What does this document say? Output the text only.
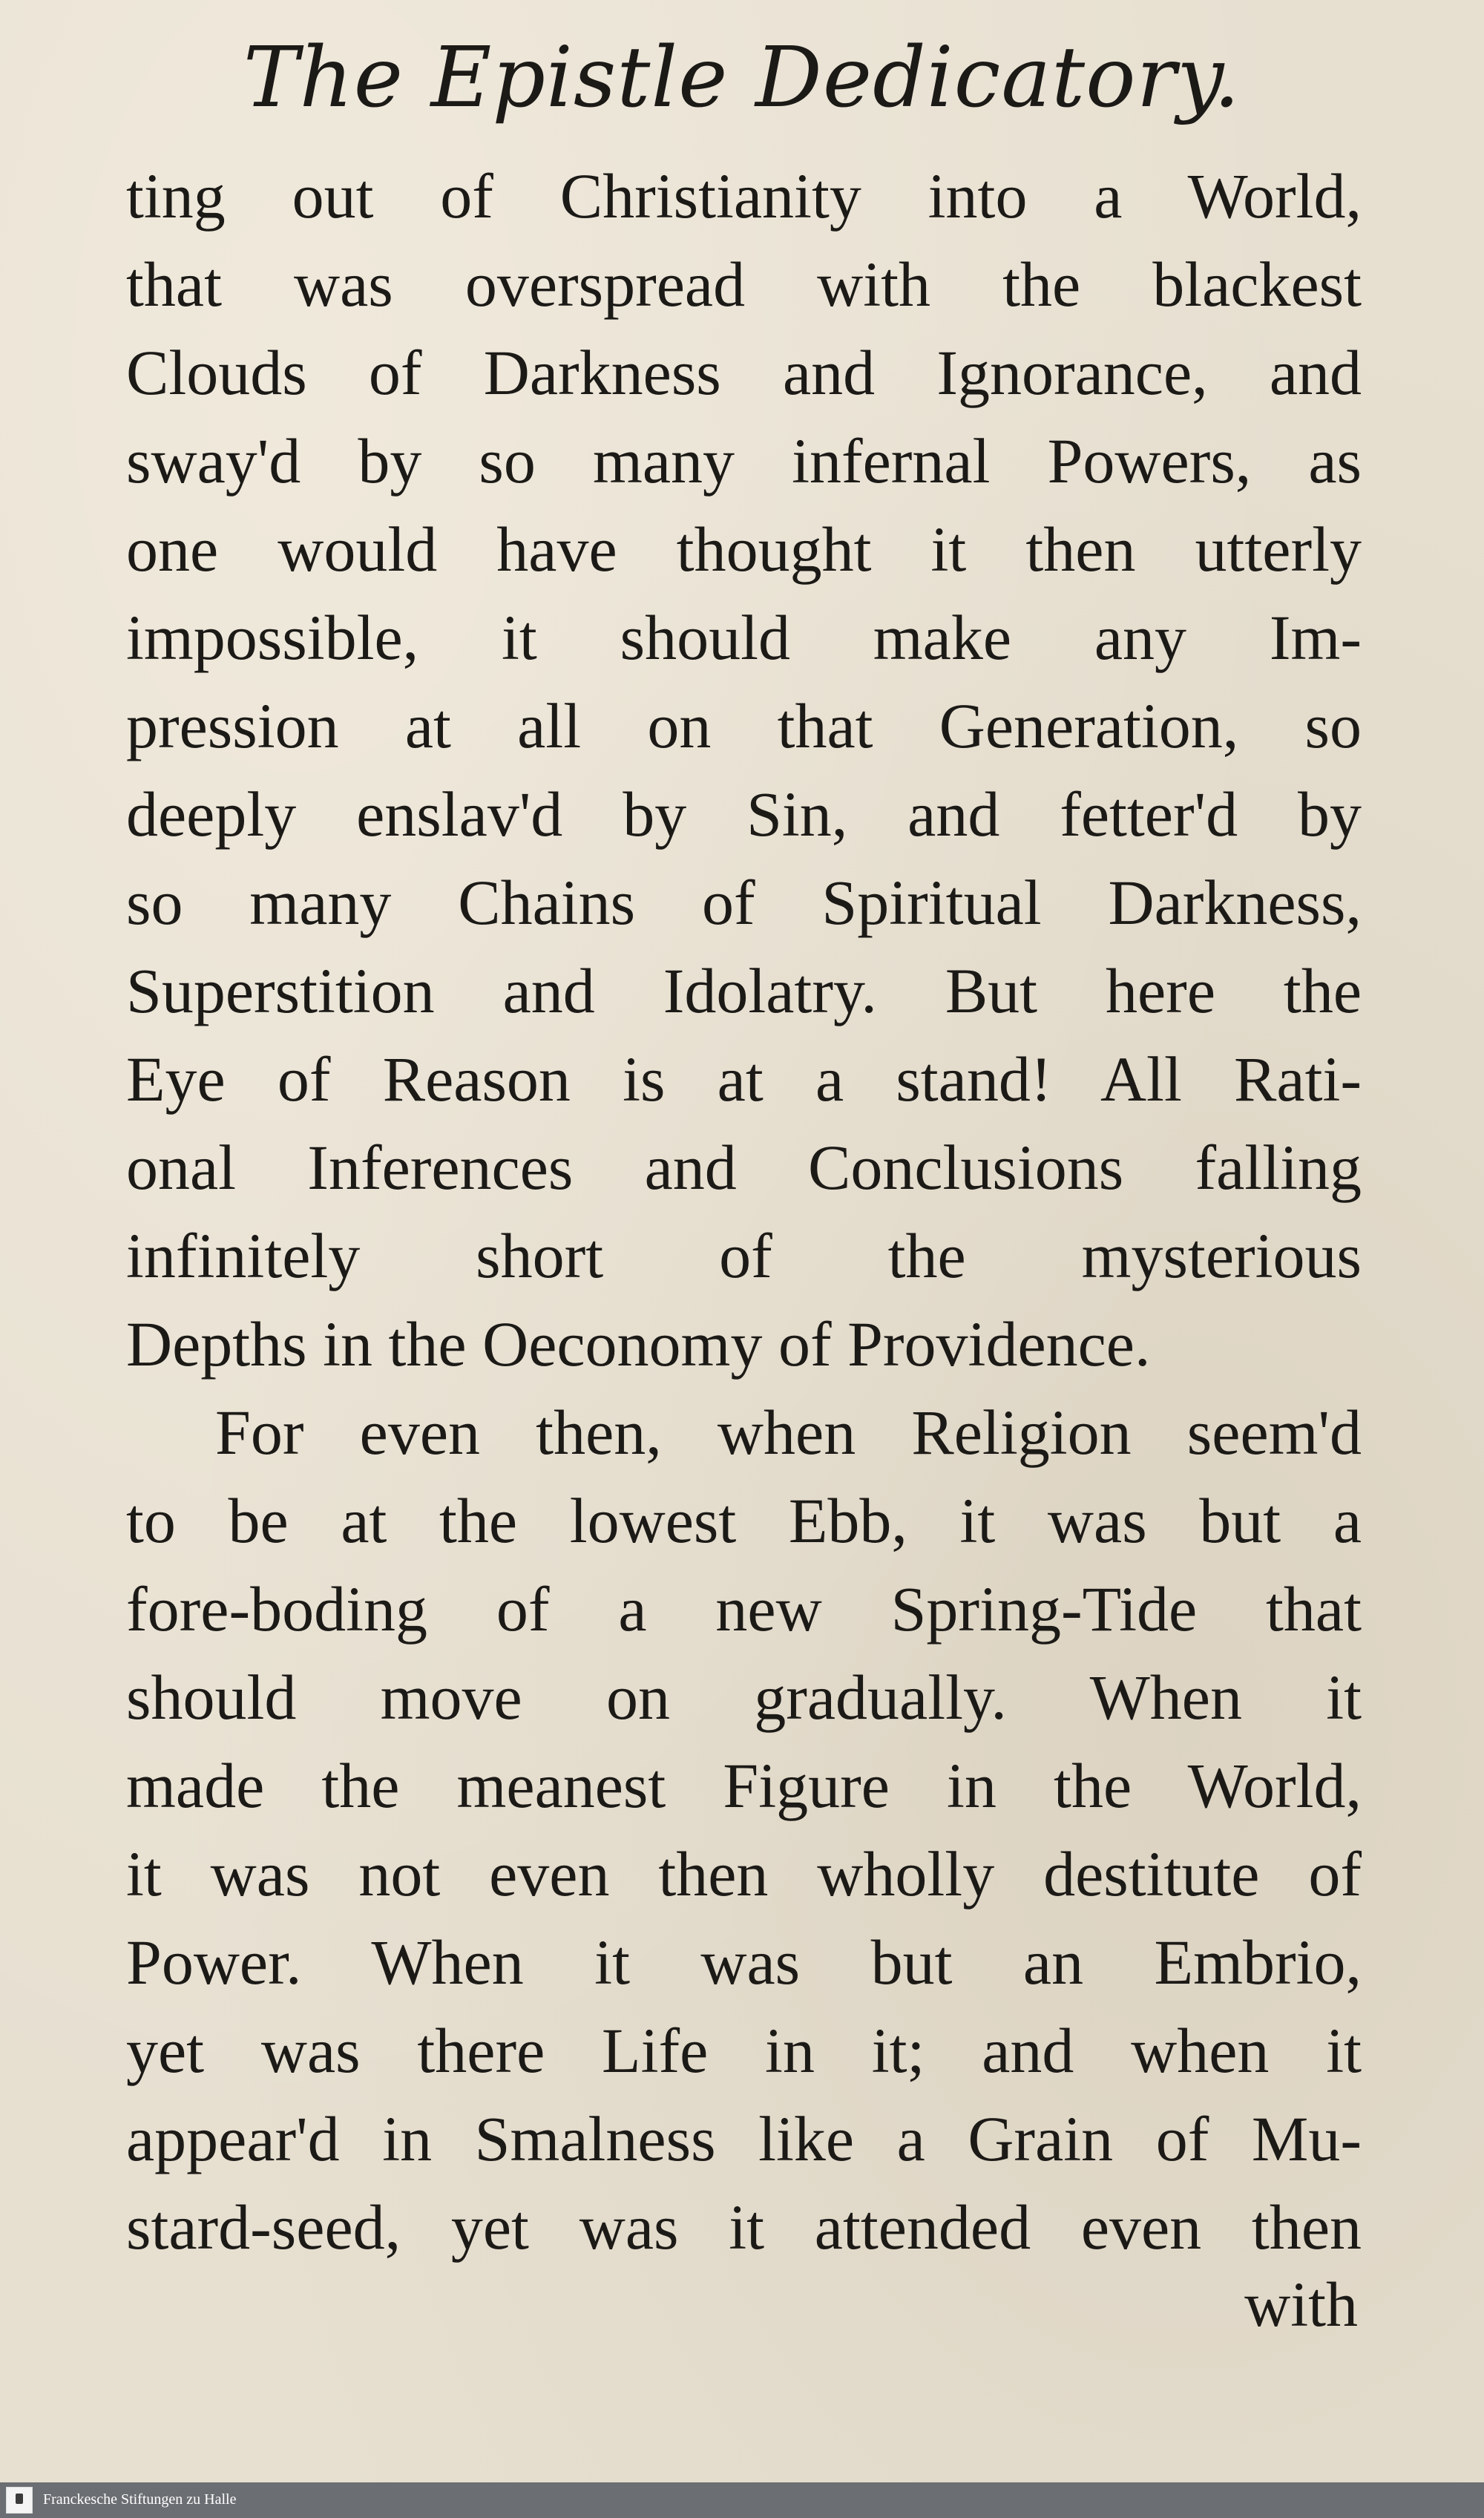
The Epistle Dedicatory.
ting out of Christianity into a World,
that was overspread with the blackest
Clouds of Darkness and Ignorance, and
sway'd by so many infernal Powers, as
one would have thought it then utterly
impossible, it should make any Im-
pression at all on that Generation, so
deeply enslav'd by Sin, and fetter'd by
so many Chains of Spiritual Darkness,
Superstition and Idolatry. But here the
Eye of Reason is at a stand! All Rati-
onal Inferences and Conclusions falling
infinitely short of the mysterious
Depths in the Oeconomy of Providence.
For even then, when Religion seem'd
to be at the lowest Ebb, it was but a
fore-boding of a new Spring-Tide that
should move on gradually. When it
made the meanest Figure in the World,
it was not even then wholly destitute of
Power. When it was but an Embrio,
yet was there Life in it; and when it
appear'd in Smalness like a Grain of Mu-
stard-seed, yet was it attended even then
with
Franckesche Stiftungen zu Halle
